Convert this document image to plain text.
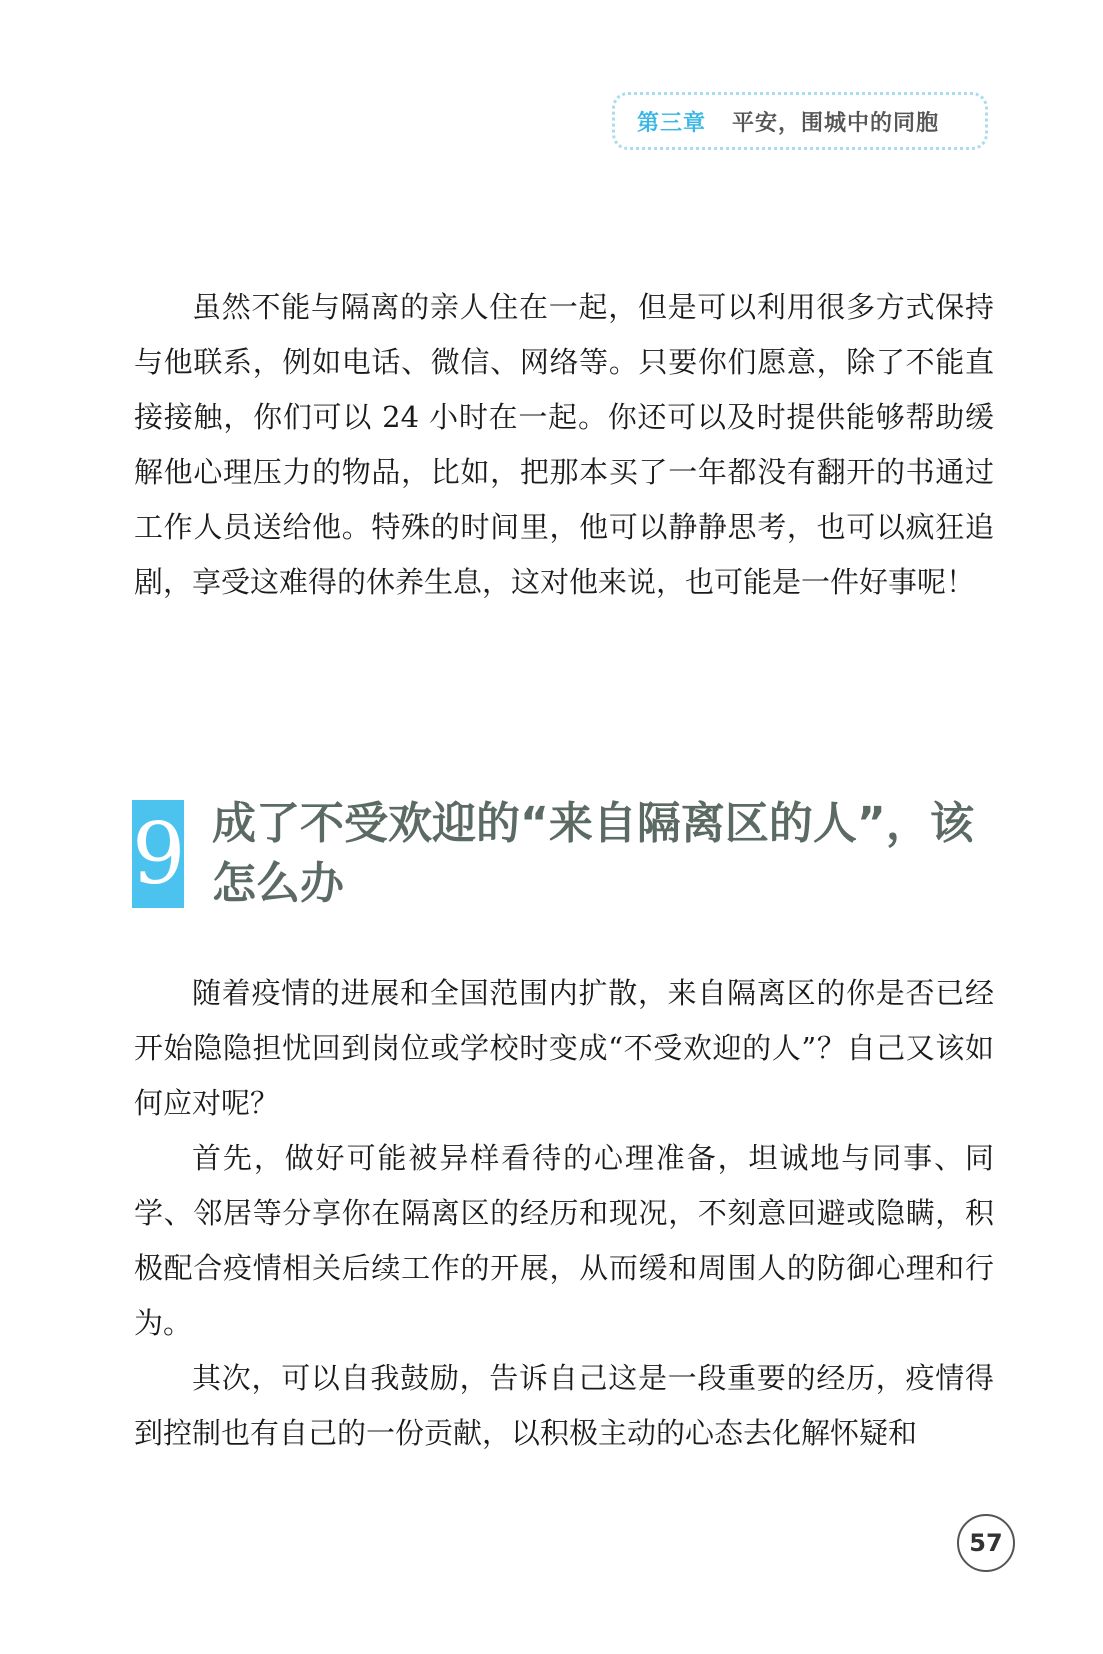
第三章 平安，围城中的同胞

虽然不能与隔离的亲人住在一起，但是可以利用很多方式保持与他联系，例如电话、微信、网络等。只要你们愿意，除了不能直接接触，你们可以 24 小时在一起。你还可以及时提供能够帮助缓解他心理压力的物品，比如，把那本买了一年都没有翻开的书通过工作人员送给他。特殊的时间里，他可以静静思考，也可以疯狂追剧，享受这难得的休养生息，这对他来说，也可能是一件好事呢！

9 成了不受欢迎的“来自隔离区的人”，该怎么办

随着疫情的进展和全国范围内扩散，来自隔离区的你是否已经开始隐隐担忧回到岗位或学校时变成“不受欢迎的人”？自己又该如何应对呢？

首先，做好可能被异样看待的心理准备，坦诚地与同事、同学、邻居等分享你在隔离区的经历和现况，不刻意回避或隐瞒，积极配合疫情相关后续工作的开展，从而缓和周围人的防御心理和行为。

其次，可以自我鼓励，告诉自己这是一段重要的经历，疫情得到控制也有自己的一份贡献，以积极主动的心态去化解怀疑和

57
